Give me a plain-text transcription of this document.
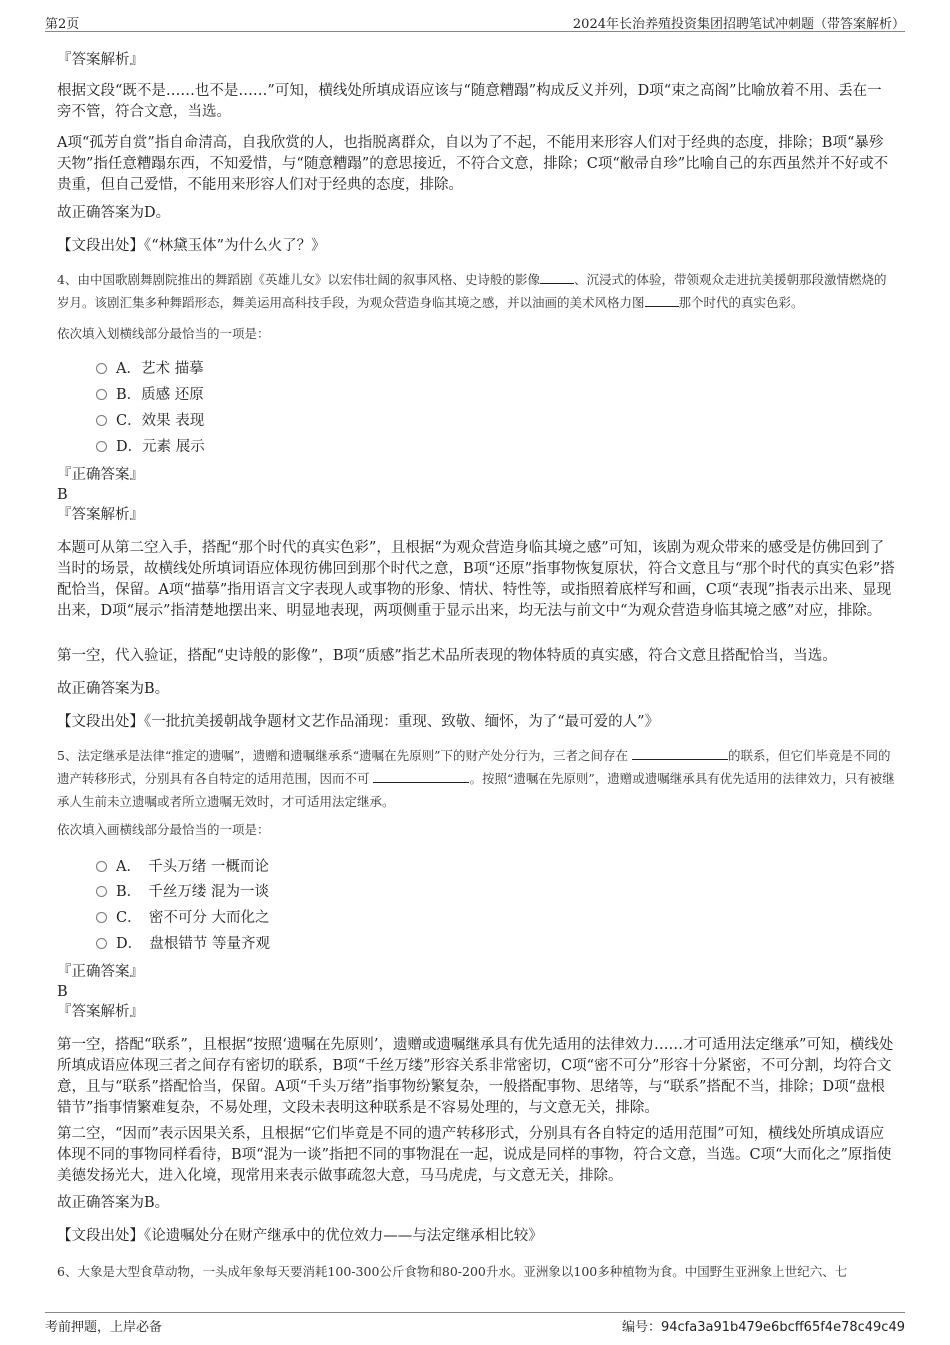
第2页	2024年长治养殖投资集团招聘笔试冲刺题（带答案解析）
『答案解析』

根据文段“既不是……也不是……”可知，横线处所填成语应该与“随意糟蹋”构成反义并列，D项“束之高阁”比喻放着不用、丢在一旁不管，符合文意，当选。

A项“孤芳自赏”指自命清高，自我欣赏的人，也指脱离群众，自以为了不起，不能用来形容人们对于经典的态度，排除；B项“暴殄天物”指任意糟蹋东西，不知爱惜，与“随意糟蹋”的意思接近，不符合文意，排除；C项“敝帚自珍”比喻自己的东西虽然并不好或不贵重，但自己爱惜，不能用来形容人们对于经典的态度，排除。

故正确答案为D。
【文段出处】《“林黛玉体”为什么火了？》

4、由中国歌剧舞剧院推出的舞蹈剧《英雄儿女》以宏伟壮阔的叙事风格、史诗般的影像	、沉浸式的体验，带领观众走进抗美援朝那段激情燃烧的岁月。该剧汇集多种舞蹈形态，舞美运用高科技手段，为观众营造身临其境之感，并以油画的美术风格力图	那个时代的真实色彩。

依次填入划横线部分最恰当的一项是：
A．艺术 描摹
B．质感 还原
C．效果 表现
D．元素 展示
『正确答案』
B
『答案解析』

本题可从第二空入手，搭配“那个时代的真实色彩”，且根据“为观众营造身临其境之感”可知，该剧为观众带来的感受是仿佛回到了当时的场景，故横线处所填词语应体现彷佛回到那个时代之意，B项“还原”指事物恢复原状，符合文意且与“那个时代的真实色彩”搭配恰当，保留。A项“描摹”指用语言文字表现人或事物的形象、情状、特性等，或指照着底样写和画，C项“表现”指表示出来、显现出来，D项“展示”指清楚地摆出来、明显地表现，两项侧重于显示出来，均无法与前文中“为观众营造身临其境之感”对应，排除。

第一空，代入验证，搭配“史诗般的影像”，B项“质感”指艺术品所表现的物体特质的真实感，符合文意且搭配恰当，当选。

故正确答案为B。
【文段出处】《一批抗美援朝战争题材文艺作品涌现：重现、致敬、缅怀，为了“最可爱的人”》

5、法定继承是法律“推定的遗嘱”，遗赠和遗嘱继承系“遗嘱在先原则”下的财产处分行为，三者之间存在	的联系，但它们毕竟是不同的遗产转移形式，分别具有各自特定的适用范围，因而不可	。按照“遗嘱在先原则”，遗赠或遗嘱继承具有优先适用的法律效力，只有被继承人生前未立遗嘱或者所立遗嘱无效时，才可适用法定继承。

依次填入画横线部分最恰当的一项是：
A．　千头万绪 一概而论
B．　千丝万缕 混为一谈
C．　密不可分 大而化之
D．　盘根错节 等量齐观
『正确答案』
B
『答案解析』

第一空，搭配“联系”，且根据“按照‘遗嘱在先原则’，遗赠或遗嘱继承具有优先适用的法律效力……才可适用法定继承”可知，横线处所填成语应体现三者之间存有密切的联系，B项“千丝万缕”形容关系非常密切，C项“密不可分”形容十分紧密，不可分割，均符合文意，且与“联系”搭配恰当，保留。A项“千头万绪”指事物纷繁复杂，一般搭配事物、思绪等，与“联系”搭配不当，排除；D项“盘根错节”指事情繁难复杂，不易处理，文段未表明这种联系是不容易处理的，与文意无关，排除。

第二空，“因而”表示因果关系，且根据“它们毕竟是不同的遗产转移形式，分别具有各自特定的适用范围”可知，横线处所填成语应体现不同的事物同样看待，B项“混为一谈”指把不同的事物混在一起，说成是同样的事物，符合文意，当选。C项“大而化之”原指使美德发扬光大，进入化境，现常用来表示做事疏忽大意，马马虎虎，与文意无关，排除。

故正确答案为B。
【文段出处】《论遗嘱处分在财产继承中的优位效力——与法定继承相比较》
6、大象是大型食草动物，一头成年象每天要消耗100-300公斤食物和80-200升水。亚洲象以100多种植物为食。中国野生亚洲象上世纪六、七
考前押题，上岸必备	编号：94cfa3a91b479e6bcff65f4e78c49c49
